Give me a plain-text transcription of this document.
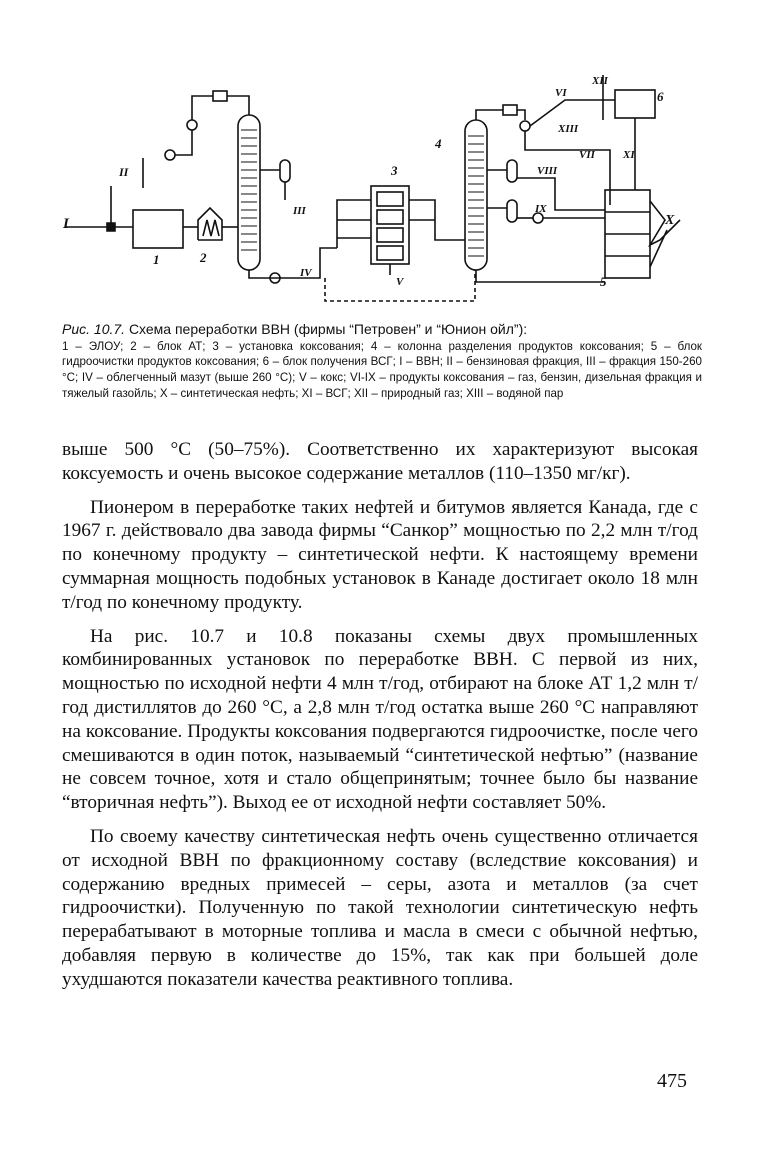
I
II
1	2
III
IV
3
V
4
VI
XII
XIII
6
VII	XI
VIII
IX
X
5
Рис. 10.7. Схема переработки ВВН (фирмы “Петровен” и “Юнион ойл”):
1 – ЭЛОУ; 2 – блок АТ; 3 – установка коксования; 4 – колонна разделения продуктов коксования; 5 – блок гидроочистки продуктов коксования; 6 – блок получения ВСГ; I – ВВН; II – бензиновая фракция, III – фракция 150-260 °С; IV – облегченный мазут (выше 260 °С); V – кокс; VI-IX – продукты коксования – газ, бензин, дизельная фракция и тяжелый газойль; X – синтетическая нефть; XI – ВСГ; XII – природный газ; XIII – водяной пар

выше 500 °С (50–75%). Соответственно их характеризуют высокая коксуемость и очень высокое содержание металлов (110–1350 мг/кг).

Пионером в переработке таких нефтей и битумов является Канада, где с 1967 г. действовало два завода фирмы “Санкор” мощностью по 2,2 млн т/год по конечному продукту – синтетической нефти. К настоящему времени суммарная мощность подобных установок в Канаде достигает около 18 млн т/год по конечному продукту.

На рис. 10.7 и 10.8 показаны схемы двух промышленных комбинированных установок по переработке ВВН. С первой из них, мощностью по исходной нефти 4 млн т/год, отбирают на блоке АТ 1,2 млн т/год дистиллятов до 260 °С, а 2,8 млн т/год остатка выше 260 °С направляют на коксование. Продукты коксования подвергаются гидроочистке, после чего смешиваются в один поток, называемый “синтетической нефтью” (название не совсем точное, хотя и стало общепринятым; точнее было бы название “вторичная нефть”). Выход ее от исходной нефти составляет 50%.

По своему качеству синтетическая нефть очень существенно отличается от исходной ВВН по фракционному составу (вследствие коксования) и содержанию вредных примесей – серы, азота и металлов (за счет гидроочистки). Полученную по такой технологии синтетическую нефть перерабатывают в моторные топлива и масла в смеси с обычной нефтью, добавляя первую в количестве до 15%, так как при большей доле ухудшаются показатели качества реактивного топлива.

475
